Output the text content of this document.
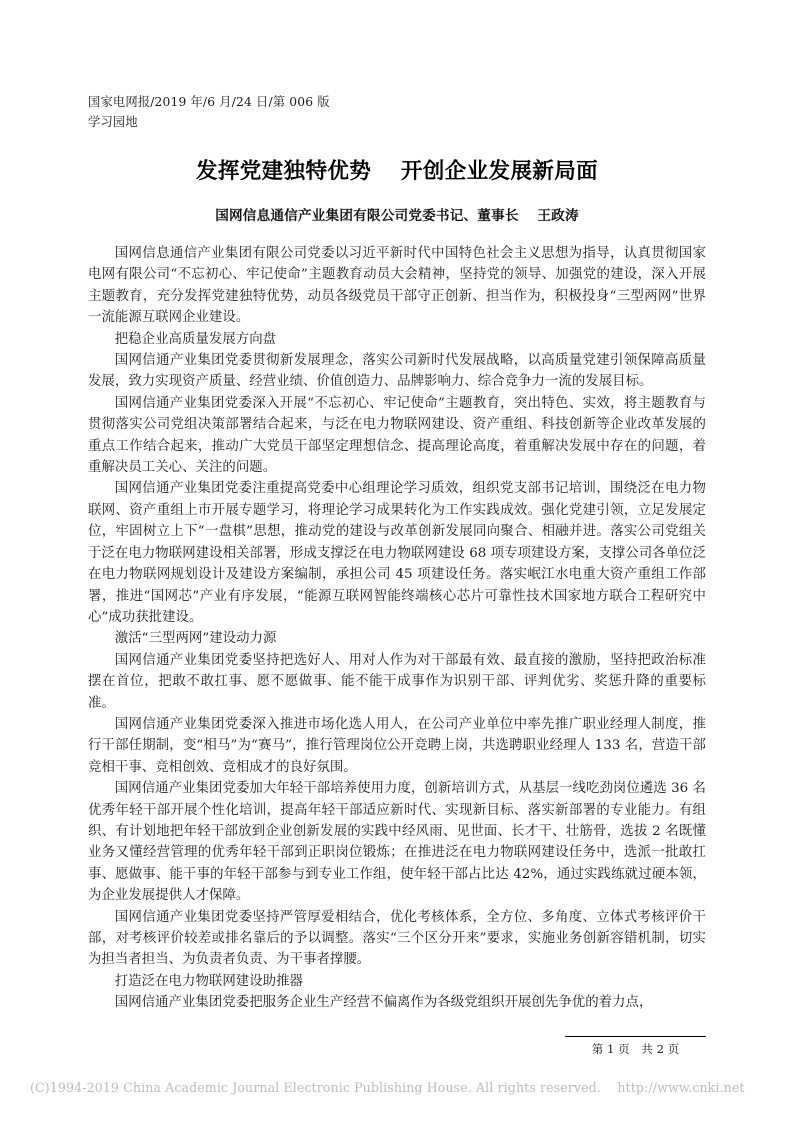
国家电网报/2019 年/6 月/24 日/第 006 版
学习园地
发挥党建独特优势　 开创企业发展新局面
国网信息通信产业集团有限公司党委书记、董事长　 王政涛

国网信息通信产业集团有限公司党委以习近平新时代中国特色社会主义思想为指导，认真贯彻国家电网有限公司“不忘初心、牢记使命”主题教育动员大会精神，坚持党的领导、加强党的建设，深入开展主题教育，充分发挥党建独特优势，动员各级党员干部守正创新、担当作为，积极投身“三型两网”世界一流能源互联网企业建设。

把稳企业高质量发展方向盘

国网信通产业集团党委贯彻新发展理念，落实公司新时代发展战略，以高质量党建引领保障高质量发展，致力实现资产质量、经营业绩、价值创造力、品牌影响力、综合竞争力一流的发展目标。

国网信通产业集团党委深入开展“不忘初心、牢记使命”主题教育，突出特色、实效，将主题教育与贯彻落实公司党组决策部署结合起来，与泛在电力物联网建设、资产重组、科技创新等企业改革发展的重点工作结合起来，推动广大党员干部坚定理想信念、提高理论高度，着重解决发展中存在的问题，着重解决员工关心、关注的问题。

国网信通产业集团党委注重提高党委中心组理论学习质效，组织党支部书记培训，围绕泛在电力物联网、资产重组上市开展专题学习，将理论学习成果转化为工作实践成效。强化党建引领，立足发展定位，牢固树立上下“一盘棋”思想，推动党的建设与改革创新发展同向聚合、相融并进。落实公司党组关于泛在电力物联网建设相关部署，形成支撑泛在电力物联网建设 68 项专项建设方案，支撑公司各单位泛在电力物联网规划设计及建设方案编制，承担公司 45 项建设任务。落实岷江水电重大资产重组工作部署，推进“国网芯”产业有序发展，“能源互联网智能终端核心芯片可靠性技术国家地方联合工程研究中心”成功获批建设。

激活“三型两网”建设动力源

国网信通产业集团党委坚持把选好人、用对人作为对干部最有效、最直接的激励，坚持把政治标准摆在首位，把敢不敢扛事、愿不愿做事、能不能干成事作为识别干部、评判优劣、奖惩升降的重要标准。

国网信通产业集团党委深入推进市场化选人用人，在公司产业单位中率先推广职业经理人制度，推行干部任期制，变“相马”为“赛马”，推行管理岗位公开竞聘上岗，共选聘职业经理人 133 名，营造干部竞相干事、竞相创效、竞相成才的良好氛围。

国网信通产业集团党委加大年轻干部培养使用力度，创新培训方式，从基层一线吃劲岗位遴选 36 名优秀年轻干部开展个性化培训，提高年轻干部适应新时代、实现新目标、落实新部署的专业能力。有组织、有计划地把年轻干部放到企业创新发展的实践中经风雨、见世面、长才干、壮筋骨，选拔 2 名既懂业务又懂经营管理的优秀年轻干部到正职岗位锻炼；在推进泛在电力物联网建设任务中，选派一批敢扛事、愿做事、能干事的年轻干部参与到专业工作组，使年轻干部占比达 42%，通过实践练就过硬本领，为企业发展提供人才保障。

国网信通产业集团党委坚持严管厚爱相结合，优化考核体系，全方位、多角度、立体式考核评价干部，对考核评价较差或排名靠后的予以调整。落实“三个区分开来”要求，实施业务创新容错机制，切实为担当者担当、为负责者负责、为干事者撑腰。

打造泛在电力物联网建设助推器

国网信通产业集团党委把服务企业生产经营不偏离作为各级党组织开展创先争优的着力点，

第 1 页　共 2 页
(C)1994-2019 China Academic Journal Electronic Publishing House. All rights reserved.    http://www.cnki.net
